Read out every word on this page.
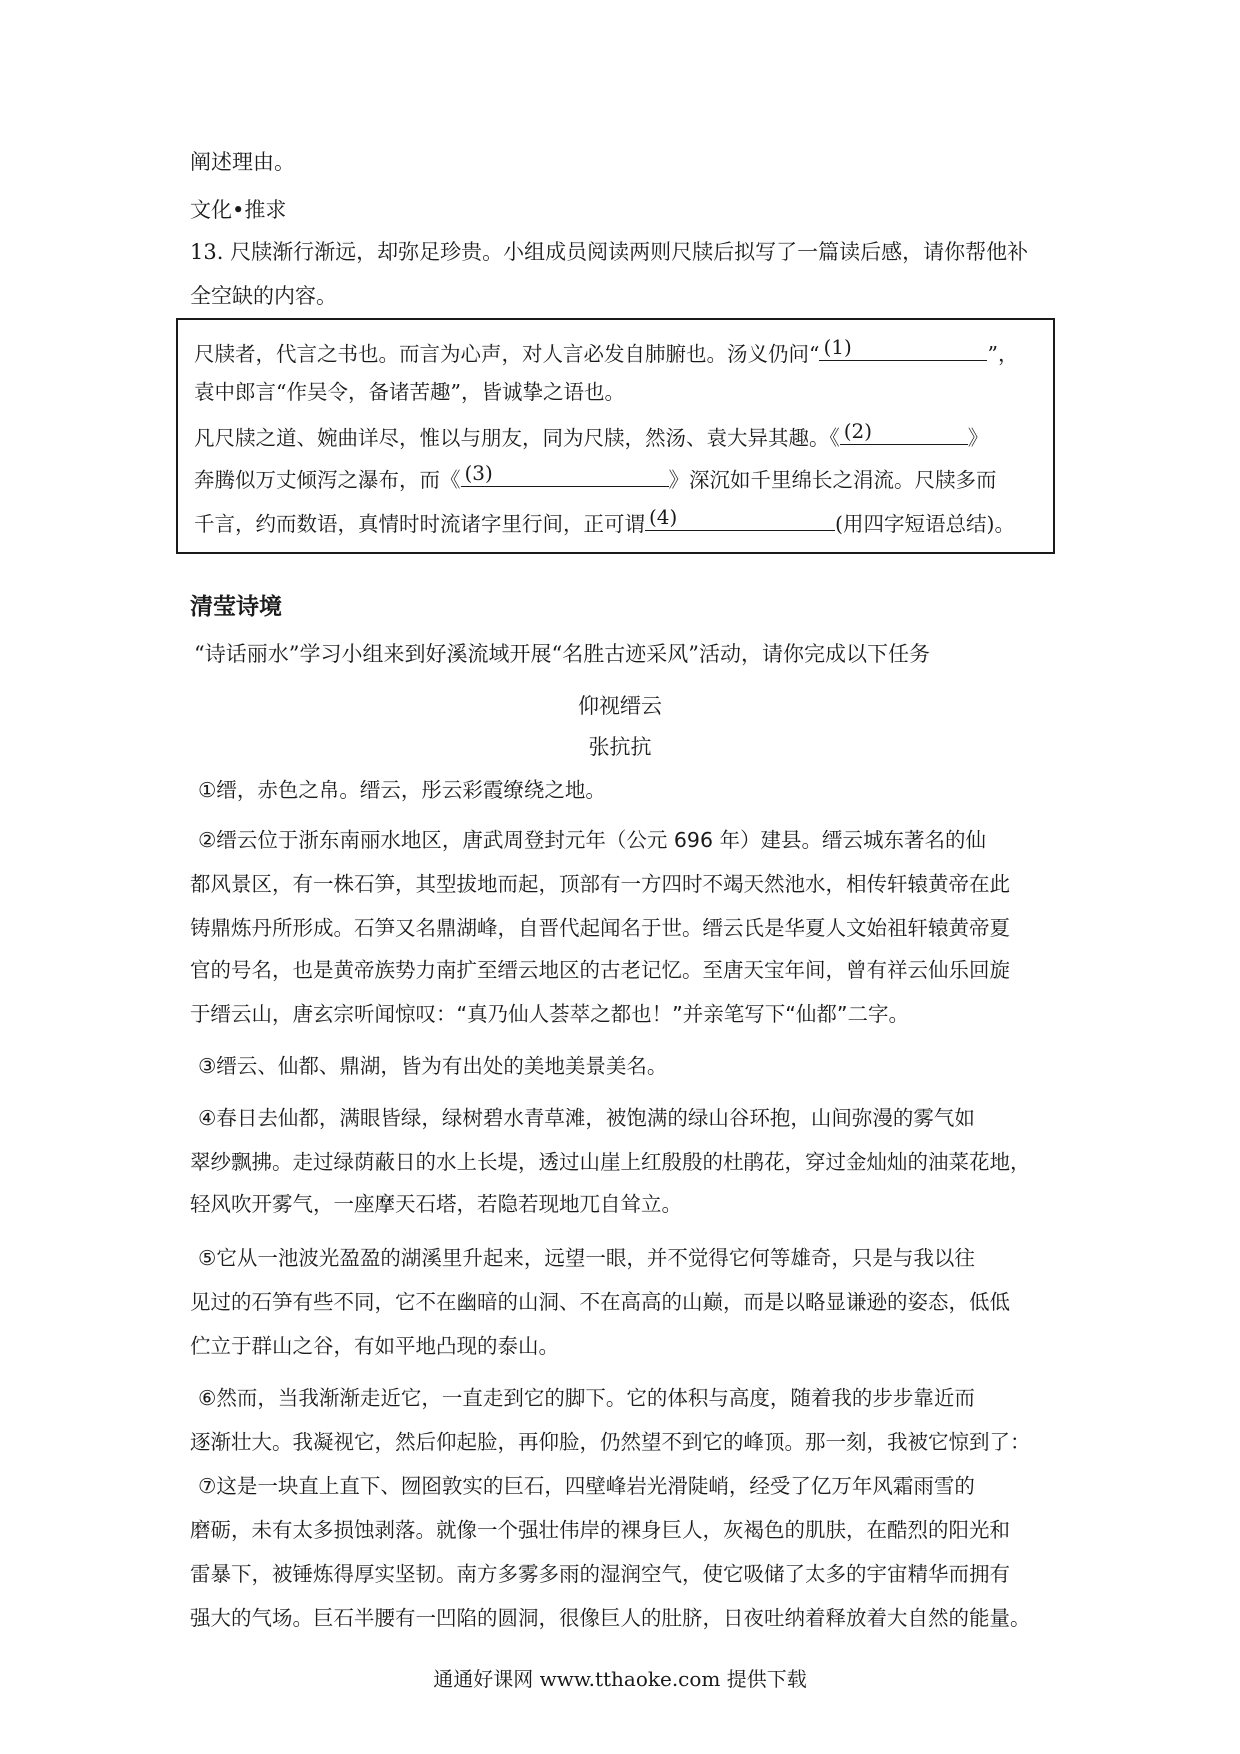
阐述理由。
文化•推求
13. 尺牍渐行渐远，却弥足珍贵。小组成员阅读两则尺牍后拟写了一篇读后感，请你帮他补
全空缺的内容。
尺牍者，代言之书也。而言为心声，对人言必发自肺腑也。汤义仍问“ (1)	”，
袁中郎言“作吴令，备诸苦趣”，皆诚挚之语也。
凡尺牍之道、婉曲详尽，惟以与朋友，同为尺牍，然汤、袁大异其趣。《 (2)	》
奔腾似万丈倾泻之瀑布，而《 (3)	》深沉如千里绵长之涓流。尺牍多而
千言，约而数语，真情时时流诸字里行间，正可谓 (4)	(用四字短语总结)。
清莹诗境
“诗话丽水”学习小组来到好溪流域开展“名胜古迹采风”活动，请你完成以下任务
仰视缙云
张抗抗
①缙，赤色之帛。缙云，彤云彩霞缭绕之地。
②缙云位于浙东南丽水地区，唐武周登封元年（公元 696 年）建县。缙云城东著名的仙
都风景区，有一株石笋，其型拔地而起，顶部有一方四时不竭天然池水，相传轩辕黄帝在此
铸鼎炼丹所形成。石笋又名鼎湖峰，自晋代起闻名于世。缙云氏是华夏人文始祖轩辕黄帝夏
官的号名，也是黄帝族势力南扩至缙云地区的古老记忆。至唐天宝年间，曾有祥云仙乐回旋
于缙云山，唐玄宗听闻惊叹：“真乃仙人荟萃之都也！”并亲笔写下“仙都”二字。
③缙云、仙都、鼎湖，皆为有出处的美地美景美名。
④春日去仙都，满眼皆绿，绿树碧水青草滩，被饱满的绿山谷环抱，山间弥漫的雾气如
翠纱飘拂。走过绿荫蔽日的水上长堤，透过山崖上红殷殷的杜鹃花，穿过金灿灿的油菜花地，
轻风吹开雾气，一座摩天石塔，若隐若现地兀自耸立。
⑤它从一池波光盈盈的湖溪里升起来，远望一眼，并不觉得它何等雄奇，只是与我以往
见过的石笋有些不同，它不在幽暗的山洞、不在高高的山巅，而是以略显谦逊的姿态，低低
伫立于群山之谷，有如平地凸现的泰山。
⑥然而，当我渐渐走近它，一直走到它的脚下。它的体积与高度，随着我的步步靠近而
逐渐壮大。我凝视它，然后仰起脸，再仰脸，仍然望不到它的峰顶。那一刻，我被它惊到了：
⑦这是一块直上直下、囫囵敦实的巨石，四壁峰岩光滑陡峭，经受了亿万年风霜雨雪的
磨砺，未有太多损蚀剥落。就像一个强壮伟岸的裸身巨人，灰褐色的肌肤，在酷烈的阳光和
雷暴下，被锤炼得厚实坚韧。南方多雾多雨的湿润空气，使它吸储了太多的宇宙精华而拥有
强大的气场。巨石半腰有一凹陷的圆洞，很像巨人的肚脐，日夜吐纳着释放着大自然的能量。
通通好课网 www.tthaoke.com 提供下载
